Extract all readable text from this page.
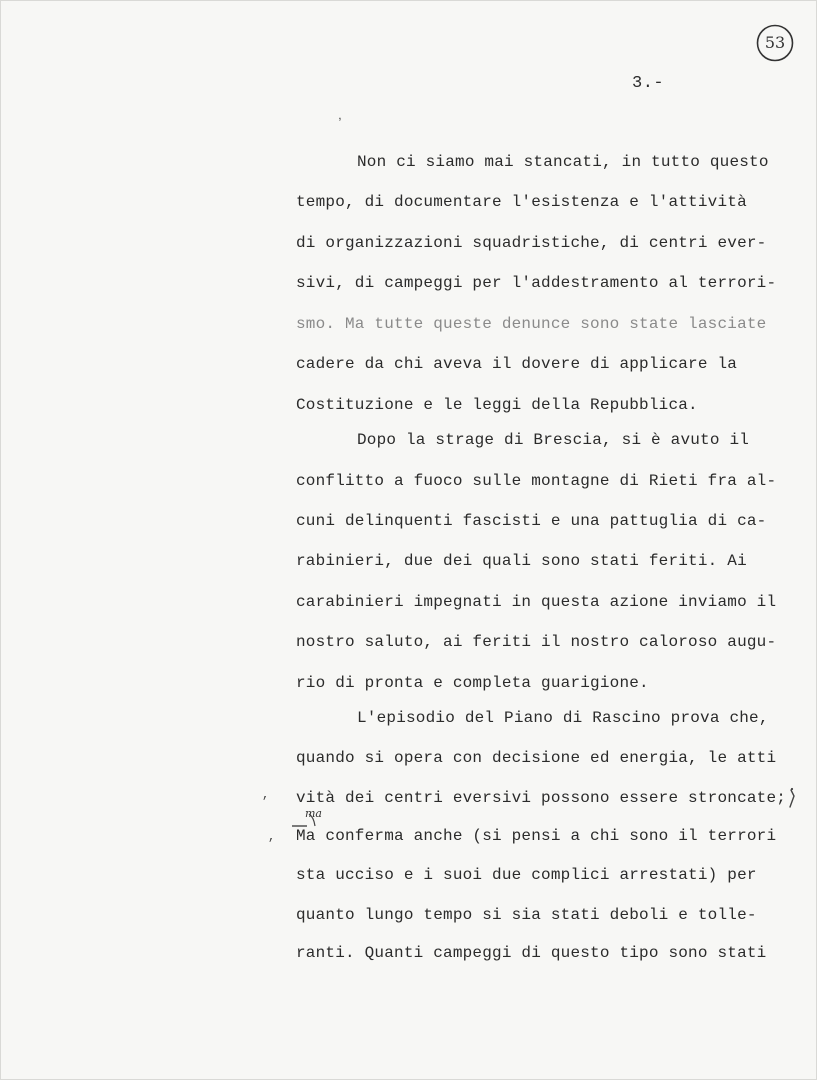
53
3.-
ʼ
,
,
ma
Non ci siamo mai stancati, in tutto questo
tempo, di documentare l'esistenza e l'attività
di organizzazioni squadristiche, di centri ever-
sivi, di campeggi per l'addestramento al terrori-
smo. Ma tutte queste denunce sono state lasciate
cadere da chi aveva il dovere di applicare la
Costituzione e le leggi della Repubblica.
Dopo la strage di Brescia, si è avuto il
conflitto a fuoco sulle montagne di Rieti fra al-
cuni delinquenti fascisti e una pattuglia di ca-
rabinieri, due dei quali sono stati feriti. Ai
carabinieri impegnati in questa azione inviamo il
nostro saluto, ai feriti il nostro caloroso augu-
rio di pronta e completa guarigione.
L'episodio del Piano di Rascino prova che,
quando si opera con decisione ed energia, le atti
vità dei centri eversivi possono essere stroncate;
Ma conferma anche (si pensi a chi sono il terrori
sta ucciso e i suoi due complici arrestati) per
quanto lungo tempo si sia stati deboli e tolle-
ranti. Quanti campeggi di questo tipo sono stati
